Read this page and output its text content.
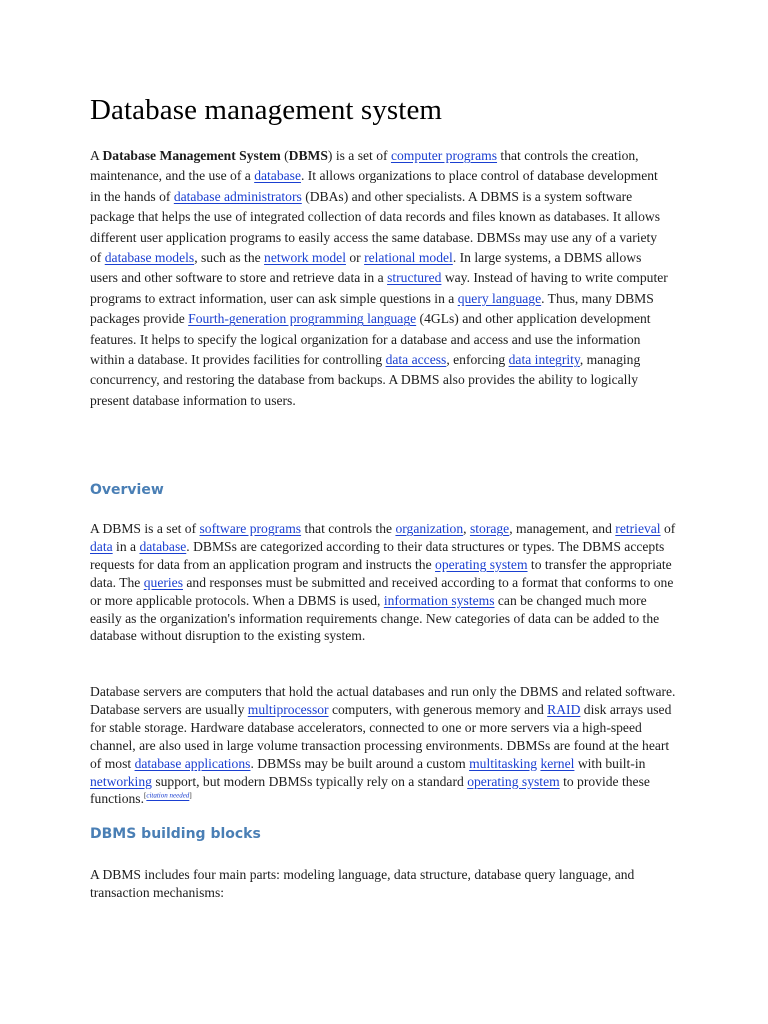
Database management system

A Database Management System (DBMS) is a set of computer programs that controls the creation, maintenance, and the use of a database. It allows organizations to place control of database development in the hands of database administrators (DBAs) and other specialists. A DBMS is a system software package that helps the use of integrated collection of data records and files known as databases. It allows different user application programs to easily access the same database. DBMSs may use any of a variety of database models, such as the network model or relational model. In large systems, a DBMS allows users and other software to store and retrieve data in a structured way. Instead of having to write computer programs to extract information, user can ask simple questions in a query language. Thus, many DBMS packages provide Fourth-generation programming language (4GLs) and other application development features. It helps to specify the logical organization for a database and access and use the information within a database. It provides facilities for controlling data access, enforcing data integrity, managing concurrency, and restoring the database from backups. A DBMS also provides the ability to logically present database information to users.

Overview

A DBMS is a set of software programs that controls the organization, storage, management, and retrieval of data in a database. DBMSs are categorized according to their data structures or types. The DBMS accepts requests for data from an application program and instructs the operating system to transfer the appropriate data. The queries and responses must be submitted and received according to a format that conforms to one or more applicable protocols. When a DBMS is used, information systems can be changed much more easily as the organization's information requirements change. New categories of data can be added to the database without disruption to the existing system.

Database servers are computers that hold the actual databases and run only the DBMS and related software. Database servers are usually multiprocessor computers, with generous memory and RAID disk arrays used for stable storage. Hardware database accelerators, connected to one or more servers via a high-speed channel, are also used in large volume transaction processing environments. DBMSs are found at the heart of most database applications. DBMSs may be built around a custom multitasking kernel with built-in networking support, but modern DBMSs typically rely on a standard operating system to provide these functions.[citation needed]

DBMS building blocks

A DBMS includes four main parts: modeling language, data structure, database query language, and transaction mechanisms:
